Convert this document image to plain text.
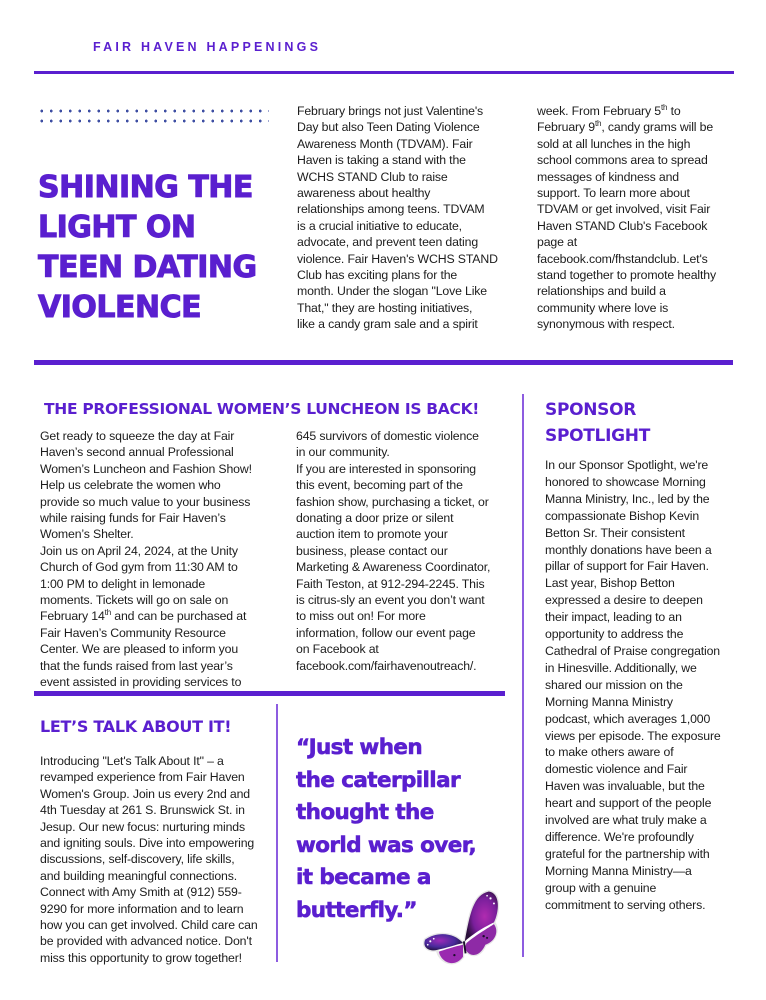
FAIR HAVEN HAPPENINGS
SHINING THE
LIGHT ON
TEEN DATING
VIOLENCE

February brings not just Valentine's

Day but also Teen Dating Violence

Awareness Month (TDVAM). Fair

Haven is taking a stand with the

WCHS STAND Club to raise

awareness about healthy

relationships among teens. TDVAM

is a crucial initiative to educate,

advocate, and prevent teen dating

violence. Fair Haven's WCHS STAND

Club has exciting plans for the

month. Under the slogan "Love Like

That," they are hosting initiatives,

like a candy gram sale and a spirit

week. From February 5th to

February 9th, candy grams will be

sold at all lunches in the high

school commons area to spread

messages of kindness and

support. To learn more about

TDVAM or get involved, visit Fair

Haven STAND Club's Facebook

page at

facebook.com/fhstandclub. Let's

stand together to promote healthy

relationships and build a

community where love is

synonymous with respect.

THE PROFESSIONAL WOMEN’S LUNCHEON IS BACK!

Get ready to squeeze the day at Fair

Haven’s second annual Professional

Women’s Luncheon and Fashion Show!

Help us celebrate the women who

provide so much value to your business

while raising funds for Fair Haven’s

Women’s Shelter.

Join us on April 24, 2024, at the Unity

Church of God gym from 11:30 AM to

1:00 PM to delight in lemonade

moments. Tickets will go on sale on

February 14th and can be purchased at

Fair Haven’s Community Resource

Center. We are pleased to inform you

that the funds raised from last year’s

event assisted in providing services to

645 survivors of domestic violence

in our community.

If you are interested in sponsoring

this event, becoming part of the

fashion show, purchasing a ticket, or

donating a door prize or silent

auction item to promote your

business, please contact our

Marketing & Awareness Coordinator,

Faith Teston, at 912-294-2245. This

is citrus-sly an event you don’t want

to miss out on! For more

information, follow our event page

on Facebook at

facebook.com/fairhavenoutreach/.

SPONSOR
SPOTLIGHT

In our Sponsor Spotlight, we're

honored to showcase Morning

Manna Ministry, Inc., led by the

compassionate Bishop Kevin

Betton Sr. Their consistent

monthly donations have been a

pillar of support for Fair Haven.

Last year, Bishop Betton

expressed a desire to deepen

their impact, leading to an

opportunity to address the

Cathedral of Praise congregation

in Hinesville. Additionally, we

shared our mission on the

Morning Manna Ministry

podcast, which averages 1,000

views per episode. The exposure

to make others aware of

domestic violence and Fair

Haven was invaluable, but the

heart and support of the people

involved are what truly make a

difference. We're profoundly

grateful for the partnership with

Morning Manna Ministry—a

group with a genuine

commitment to serving others.

LET’S TALK ABOUT IT!

Introducing "Let's Talk About It" – a

revamped experience from Fair Haven

Women's Group. Join us every 2nd and

4th Tuesday at 261 S. Brunswick St. in

Jesup. Our new focus: nurturing minds

and igniting souls. Dive into empowering

discussions, self-discovery, life skills,

and building meaningful connections.

Connect with Amy Smith at (912) 559-

9290 for more information and to learn

how you can get involved. Child care can

be provided with advanced notice. Don't

miss this opportunity to grow together!

“Just when
the caterpillar
thought the
world was over,
it became a
butterfly.”
